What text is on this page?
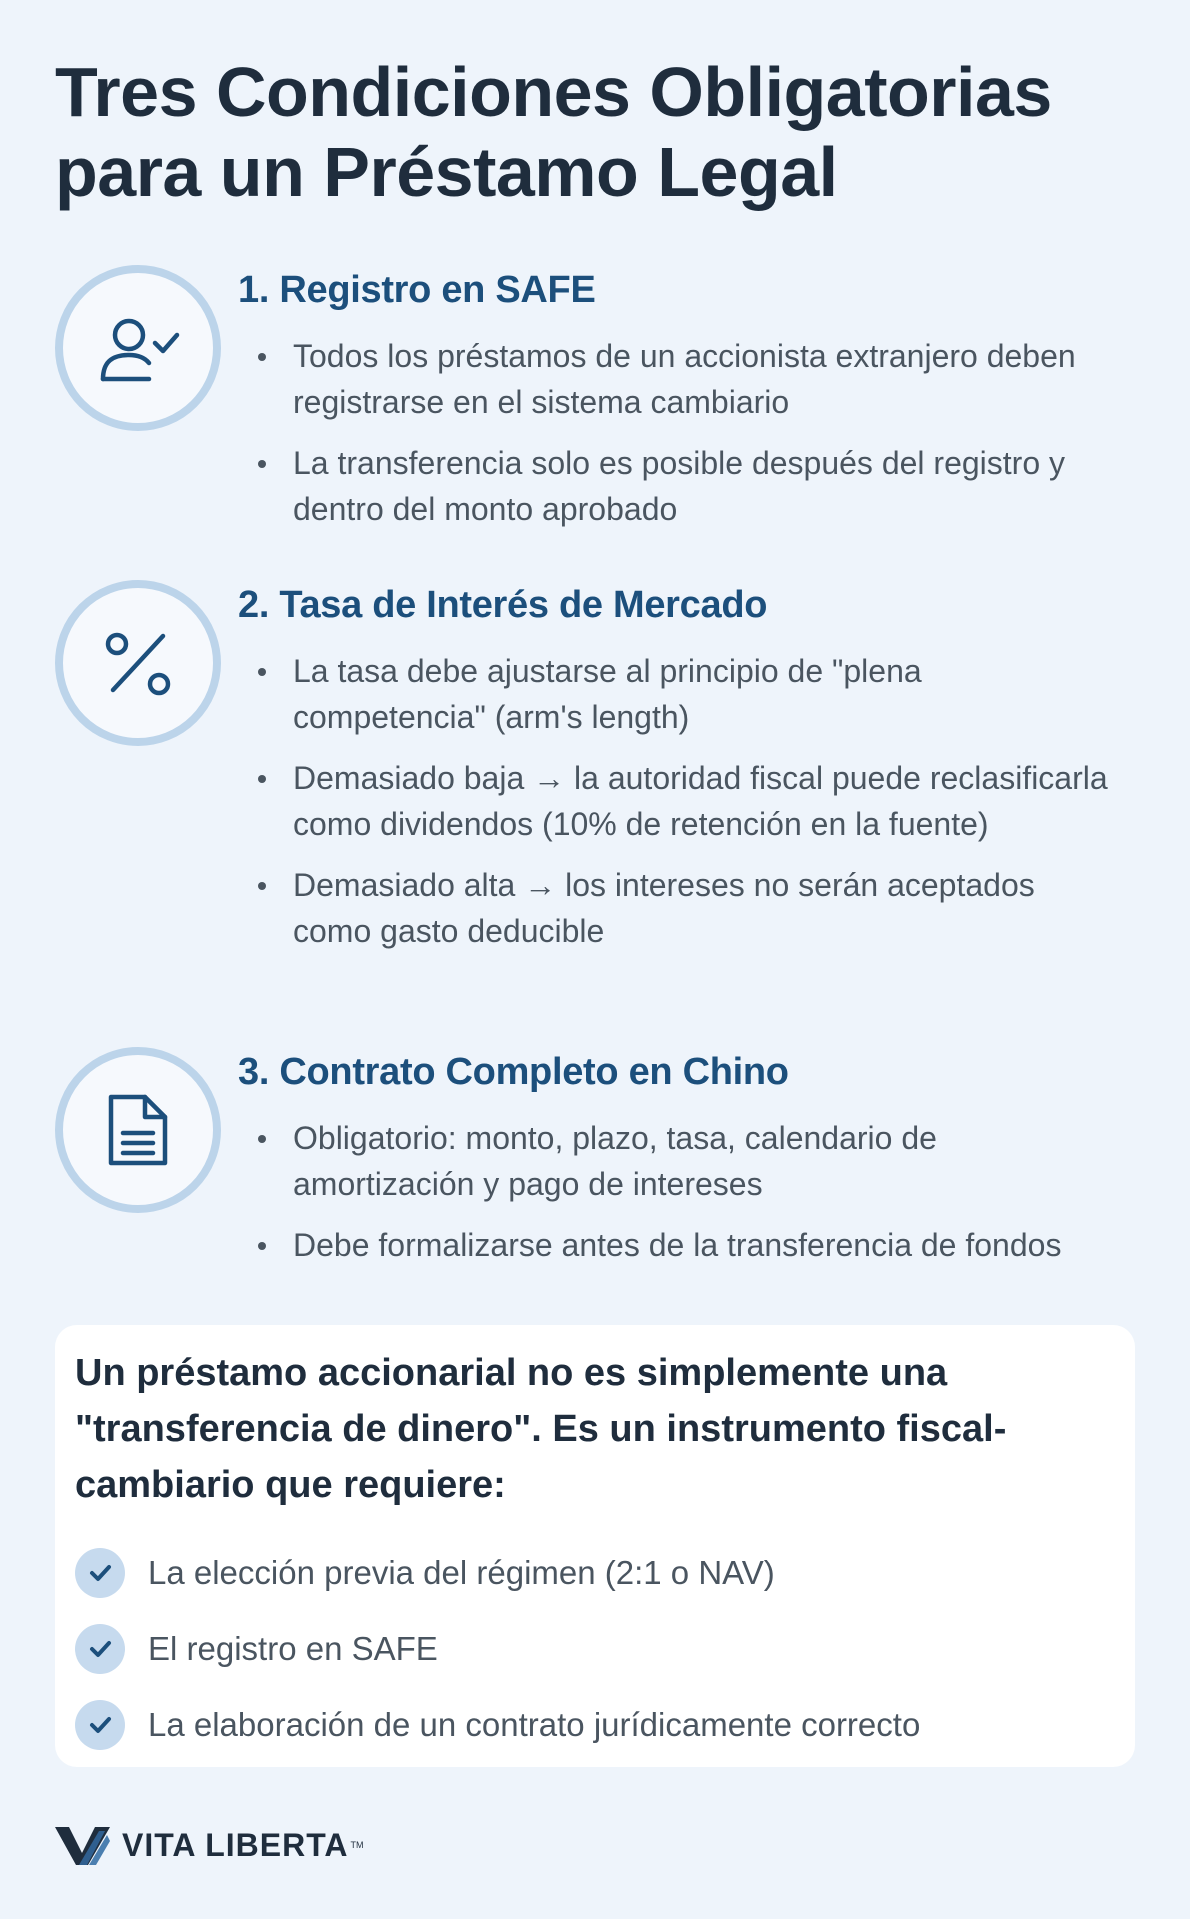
Tres Condiciones Obligatorias
para un Préstamo Legal
1. Registro en SAFE
Todos los préstamos de un accionista extranjero deben registrarse en el sistema cambiario
La transferencia solo es posible después del registro y dentro del monto aprobado
2. Tasa de Interés de Mercado
La tasa debe ajustarse al principio de "plena competencia" (arm's length)
Demasiado baja → la autoridad fiscal puede reclasificarla como dividendos (10% de retención en la fuente)
Demasiado alta → los intereses no serán aceptados como gasto deducible
3. Contrato Completo en Chino
Obligatorio: monto, plazo, tasa, calendario de amortización y pago de intereses
Debe formalizarse antes de la transferencia de fondos

Un préstamo accionarial no es simplemente una "transferencia de dinero". Es un instrumento fiscal-cambiario que requiere:

La elección previa del régimen (2:1 o NAV)
El registro en SAFE
La elaboración de un contrato jurídicamente correcto
VITA LIBERTA TM
